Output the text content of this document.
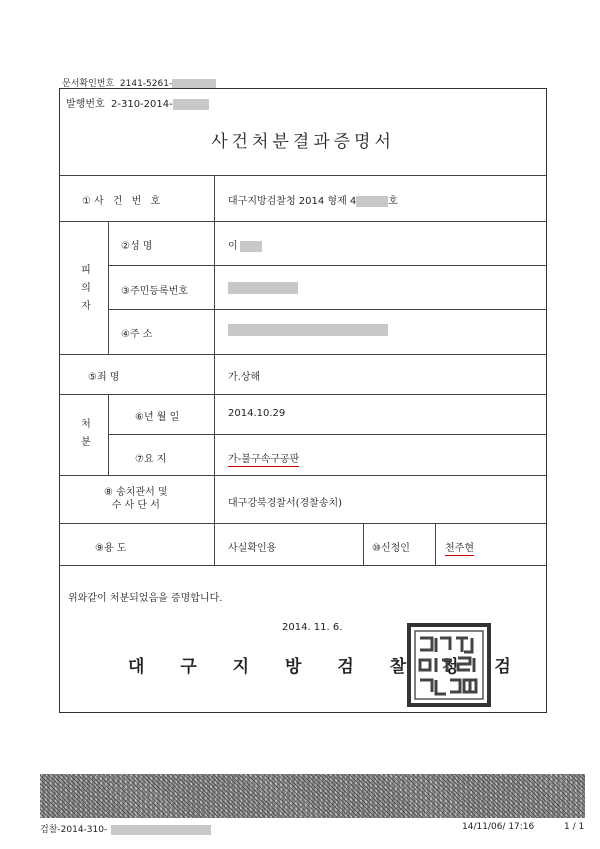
문서확인번호 2141-5261-
발행번호 2-310-2014-
사건처분결과증명서
①사 건 번 호	대구지방검찰청 2014 형제 4	호
피 의 자
②성 명	이
③주민등록번호
④주 소
⑤죄 명	가.상해
처 분
⑥년 월 일	2014.10.29
⑦요 지	가-불구속구공판
⑧ 송치관서 및
수 사 단 서	대구강북경찰서(경찰송치)
⑨용 도	사실확인용	⑩신청인	천주현
위와같이 처분되었음을 증명합니다.
2014. 11. 6.
대 구 지 방 검 찰 청 검
검찰-2014-310-	14/11/06/ 17:16	1 / 1
